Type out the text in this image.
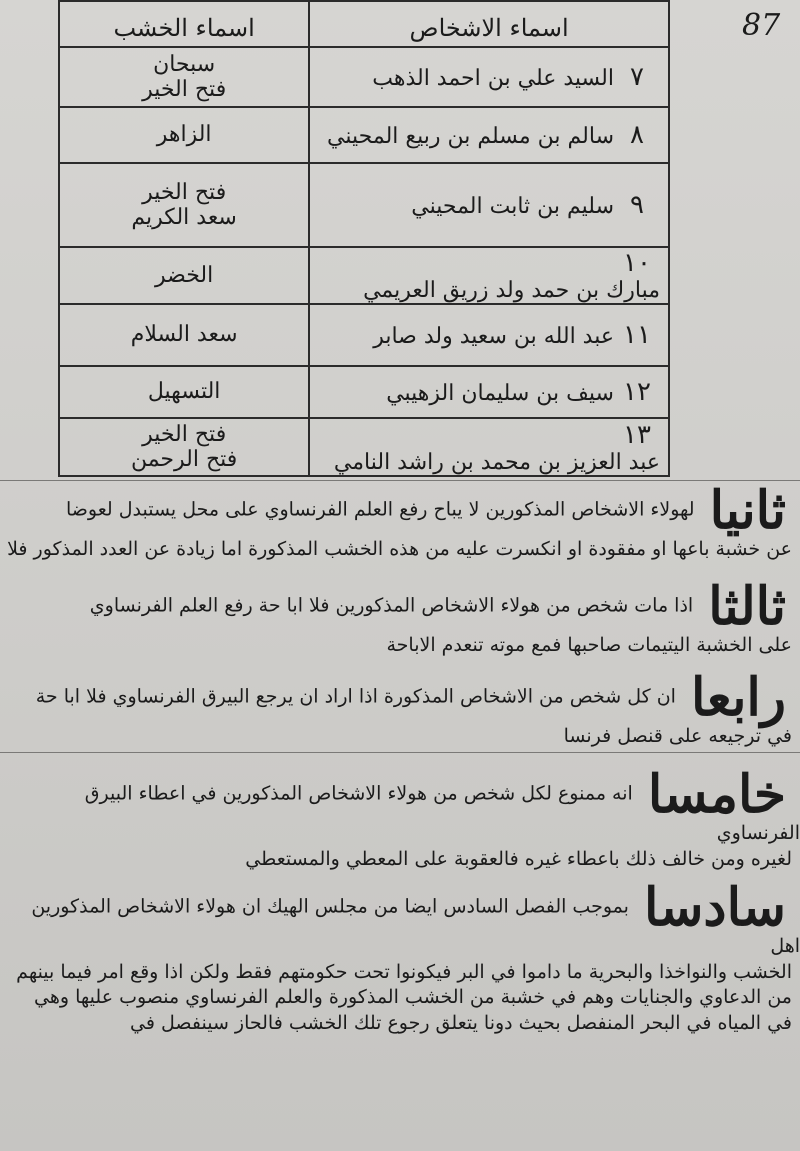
87
اسماء الاشخاص	اسماء الخشب
٧السيد علي بن احمد الذهب	سبحان
فتح الخير

٨سالم بن مسلم بن ربيع المحيني	الزاهر

٩سليم بن ثابت المحيني	فتح الخير
سعد الكريم

١٠مبارك بن حمد ولد زريق العريمي	الخضر

١١عبد الله بن سعيد ولد صابر	سعد السلام

١٢سيف بن سليمان الزهيبي	التسهيل

١٣عبد العزيز بن محمد بن راشد النامي	فتح الخير
فتح الرحمن
ثانيا لهولاء الاشخاص المذكورين لا يباح رفع العلم الفرنساوي على محل يستبدل لعوضا
عن خشبة باعها او مفقودة او انكسرت عليه من هذه الخشب المذكورة اما زيادة عن العدد المذكور فلا
ثالثا اذا مات شخص من هولاء الاشخاص المذكورين فلا ابا حة رفع العلم الفرنساوي
على الخشبة اليتيمات صاحبها فمع موته تنعدم الاباحة
رابعا ان كل شخص من الاشخاص المذكورة اذا اراد ان يرجع البيرق الفرنساوي فلا ابا حة
في ترجيعه على قنصل فرنسا
خامسا انه ممنوع لكل شخص من هولاء الاشخاص المذكورين في اعطاء البيرق الفرنساوي
لغيره ومن خالف ذلك باعطاء غيره فالعقوبة على المعطي والمستعطي
سادسا بموجب الفصل السادس ايضا من مجلس الهيك ان هولاء الاشخاص المذكورين اهل
الخشب والنواخذا والبحرية ما داموا في البر فيكونوا تحت حكومتهم فقط ولكن اذا وقع امر فيما بينهم
من الدعاوي والجنايات وهم في خشبة من الخشب المذكورة والعلم الفرنساوي منصوب عليها وهي
في المياه في البحر المنفصل بحيث دونا يتعلق رجوع تلك الخشب فالحاز سينفصل في
